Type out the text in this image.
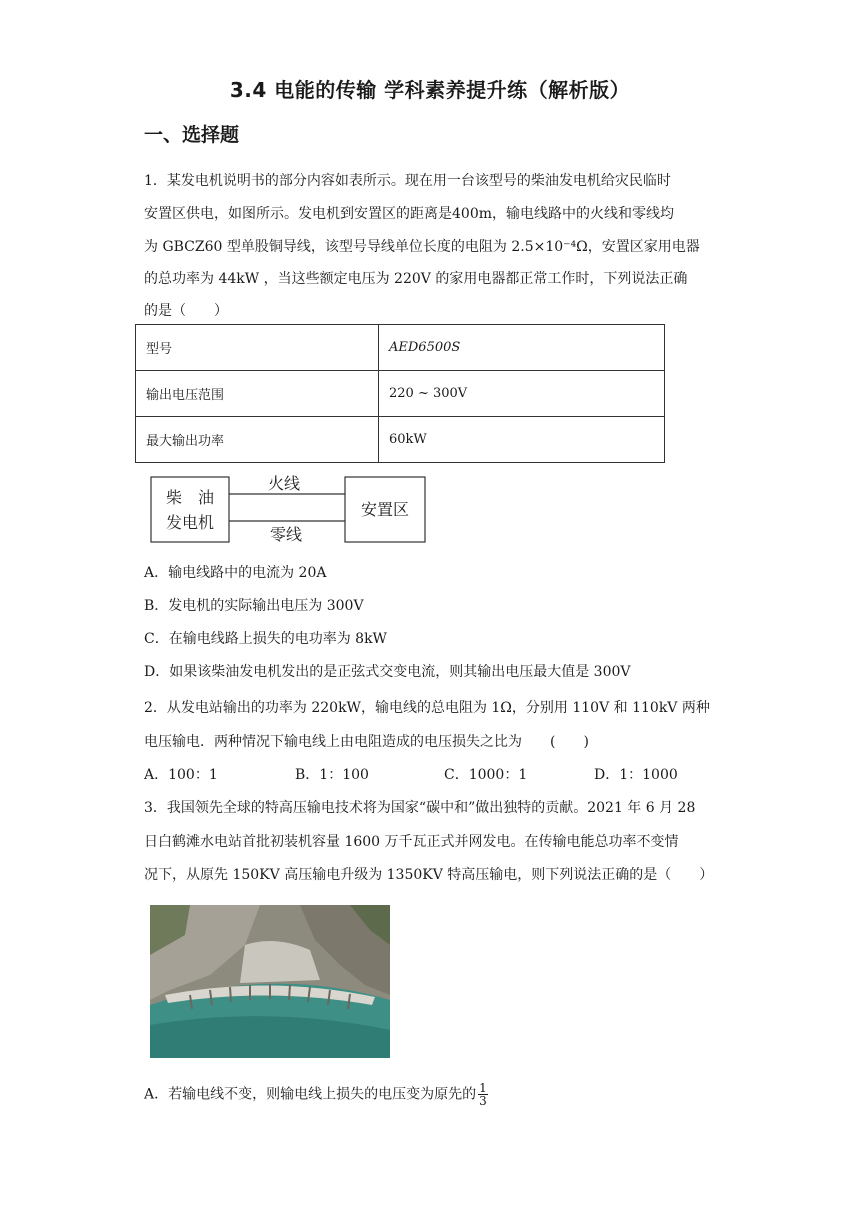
3.4 电能的传输 学科素养提升练（解析版）
一、选择题
1．某发电机说明书的部分内容如表所示。现在用一台该型号的柴油发电机给灾民临时
安置区供电，如图所示。发电机到安置区的距离是400m，输电线路中的火线和零线均
为 GBCZ60 型单股铜导线，该型号导线单位长度的电阻为 2.5×10⁻⁴Ω，安置区家用电器
的总功率为 44kW ，当这些额定电压为 220V 的家用电器都正常工作时，下列说法正确
的是（　　）
型号	AED6500S
输出电压范围	220 ~ 300V
最大输出功率	60kW
柴　油
发电机
火线
零线
安置区
A．输电线路中的电流为 20A
B．发电机的实际输出电压为 300V
C．在输电线路上损失的电功率为 8kW
D．如果该柴油发电机发出的是正弦式交变电流，则其输出电压最大值是 300V
2．从发电站输出的功率为 220kW，输电线的总电阻为 1Ω，分别用 110V 和 110kV 两种
电压输电．两种情况下输电线上由电阻造成的电压损失之比为　　(　　)
A．100：1	B．1：100	C．1000：1	D．1：1000
3．我国领先全球的特高压输电技术将为国家“碳中和”做出独特的贡献。2021 年 6 月 28
日白鹤滩水电站首批初装机容量 1600 万千瓦正式并网发电。在传输电能总功率不变情
况下，从原先 150KV 高压输电升级为 1350KV 特高压输电，则下列说法正确的是（　　）
A．若输电线不变，则输电线上损失的电压变为原先的 $\frac{1}{3}$
